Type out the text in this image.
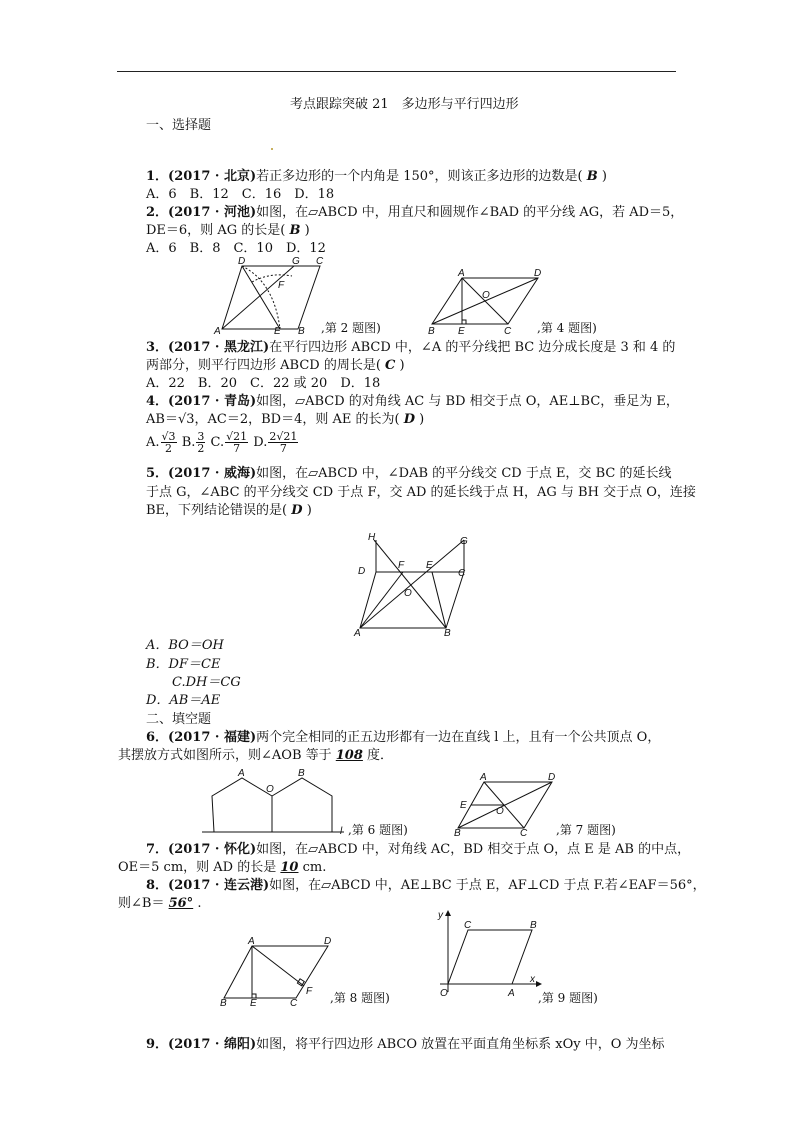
考点跟踪突破 21　多边形与平行四边形
一、选择题
1．(2017 · 北京)若正多边形的一个内角是 150°，则该正多边形的边数是( B )
A．6　B．12　C．16　D．18
2．(2017 · 河池)如图，在▱ABCD 中，用直尺和圆规作∠BAD 的平分线 AG，若 AD＝5，
DE＝6，则 AG 的长是( B )
A．6　B．8　C．10　D．12
D	G C
F
A	E B ,第 2 题图)
A	D
O
B E	C ,第 4 题图)
3．(2017 · 黑龙江)在平行四边形 ABCD 中，∠A 的平分线把 BC 边分成长度是 3 和 4 的
两部分，则平行四边形 ABCD 的周长是( C )
A．22　B．20　C．22 或 20　D．18
4．(2017 · 青岛)如图，▱ABCD 的对角线 AC 与 BD 相交于点 O，AE⊥BC，垂足为 E，
AB＝√3，AC＝2，BD＝4，则 AE 的长为( D )
A. $\frac{√3}{2} B$. $\frac{3}{2} C$. $\frac{√21}{7} D$. $\frac{2√21}{7}$
5．(2017 · 威海)如图，在▱ABCD 中，∠DAB 的平分线交 CD 于点 E，交 BC 的延长线
于点 G，∠ABC 的平分线交 CD 于点 F，交 AD 的延长线于点 H，AG 与 BH 交于点 O，连接
BE，下列结论错误的是( D )
H	G
D
F E
C
O
A	B
A．BO＝OH
B．DF＝CE
C.DH＝CG
D．AB＝AE
二、填空题
6．(2017 · 福建)两个完全相同的正五边形都有一边在直线 l 上，且有一个公共顶点 O，
其摆放方式如图所示，则∠AOB 等于 108 度．
A
O
B
l ,第 6 题图)
A	D
E
O
B	C ,第 7 题图)
7．(2017 · 怀化)如图，在▱ABCD 中，对角线 AC，BD 相交于点 O，点 E 是 AB 的中点，
OE＝5 cm，则 AD 的长是 10 cm.
8．(2017 · 连云港)如图，在▱ABCD 中，AE⊥BC 于点 E，AF⊥CD 于点 F.若∠EAF＝56°，
则∠B＝ 56° .
A	D
F
B E	C	,第 8 题图)
y
C	B
O	A
x
,第 9 题图)
9．(2017 · 绵阳)如图，将平行四边形 ABCO 放置在平面直角坐标系 xOy 中，O 为坐标
